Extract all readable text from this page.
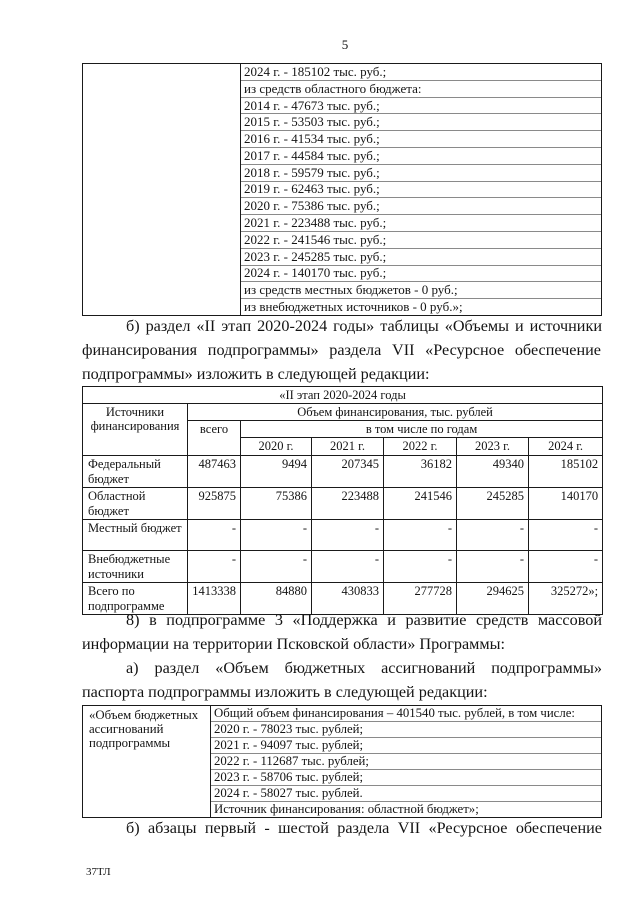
5
2024 г. - 185102 тыс. руб.;
из средств областного бюджета:
2014 г. - 47673 тыс. руб.;
2015 г. - 53503 тыс. руб.;
2016 г. - 41534 тыс. руб.;
2017 г. - 44584 тыс. руб.;
2018 г. - 59579 тыс. руб.;
2019 г. - 62463 тыс. руб.;
2020 г. - 75386 тыс. руб.;
2021 г. - 223488 тыс. руб.;
2022 г. - 241546 тыс. руб.;
2023 г. - 245285 тыс. руб.;
2024 г. - 140170 тыс. руб.;
из средств местных бюджетов - 0 руб.;
из внебюджетных источников - 0 руб.»;
б) раздел «II этап 2020-2024 годы» таблицы «Объемы и источники
финансирования подпрограммы» раздела VII «Ресурсное обеспечение
подпрограммы» изложить в следующей редакции:
«II этап 2020-2024 годы						
Источники финансирования	Объем финансирования, тыс. рублей					
	всего	в том числе по годам				
		2020 г.	2021 г.	2022 г.	2023 г.	2024 г.
Федеральный бюджет	487463	9494	207345	36182	49340	185102
Областной бюджет	925875	75386	223488	241546	245285	140170
Местный бюджет	-	-	-	-	-	-
Внебюджетные источники	-	-	-	-	-	-
Всего по подпрограмме	1413338	84880	430833	277728	294625	325272»;
8) в подпрограмме 3 «Поддержка и развитие средств массовой
информации на территории Псковской области» Программы:
а) раздел «Объем бюджетных ассигнований подпрограммы»
паспорта подпрограммы изложить в следующей редакции:
«Объем бюджетных ассигнований подпрограммы
Общий объем финансирования – 401540 тыс. рублей, в том числе:
2020 г. - 78023 тыс. рублей;
2021 г. - 94097 тыс. рублей;
2022 г. - 112687 тыс. рублей;
2023 г. - 58706 тыс. рублей;
2024 г. - 58027 тыс. рублей.
Источник финансирования: областной бюджет»;
б) абзацы первый - шестой раздела VII «Ресурсное обеспечение
37ТЛ
